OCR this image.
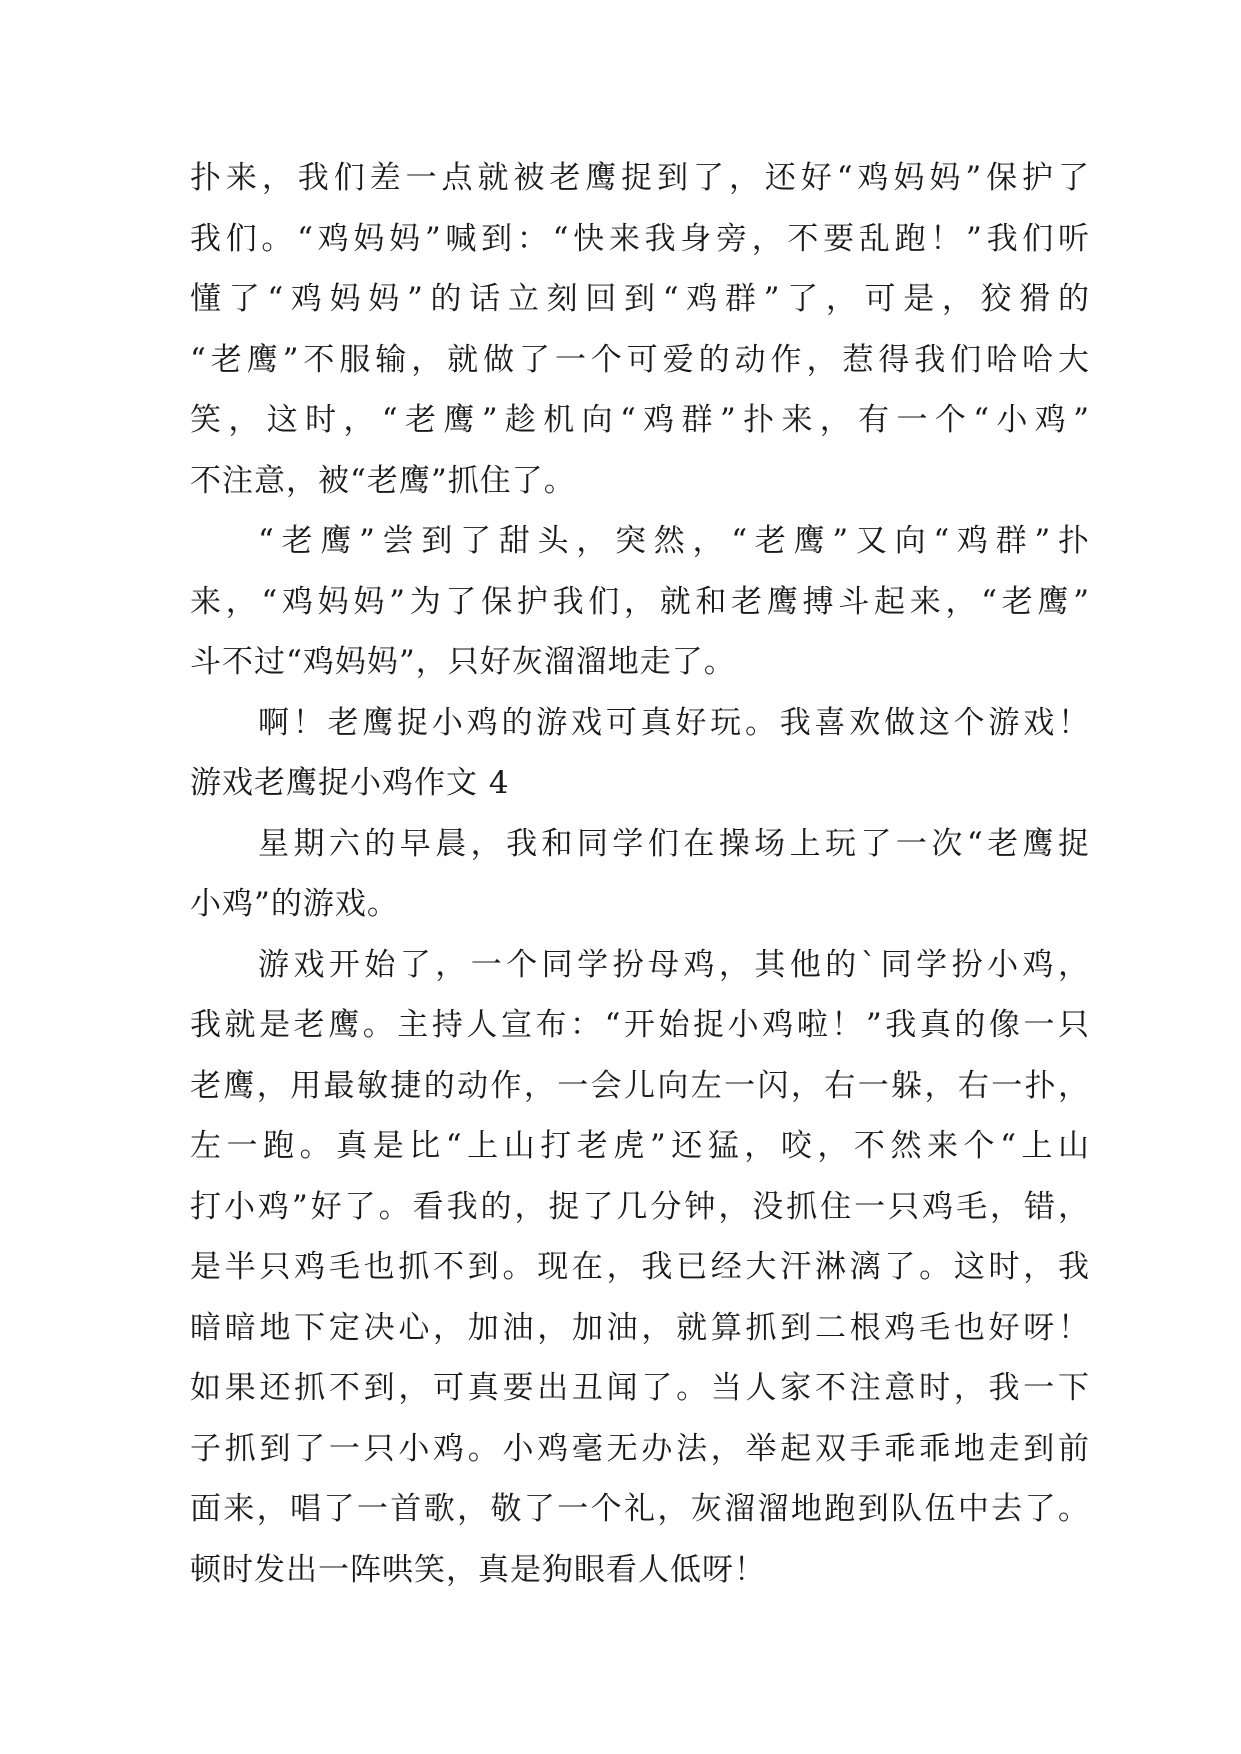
扑来，我们差一点就被老鹰捉到了，还好“鸡妈妈”保护了
我们。“鸡妈妈”喊到：“快来我身旁，不要乱跑！”我们听
懂了“鸡妈妈”的话立刻回到“鸡群”了，可是，狡猾的
“老鹰”不服输，就做了一个可爱的动作，惹得我们哈哈大
笑，这时，“老鹰”趁机向“鸡群”扑来，有一个“小鸡”
不注意，被“老鹰”抓住了。
“老鹰”尝到了甜头，突然，“老鹰”又向“鸡群”扑
来，“鸡妈妈”为了保护我们，就和老鹰搏斗起来，“老鹰”
斗不过“鸡妈妈”，只好灰溜溜地走了。
啊！老鹰捉小鸡的游戏可真好玩。我喜欢做这个游戏！
游戏老鹰捉小鸡作文 4
星期六的早晨，我和同学们在操场上玩了一次“老鹰捉
小鸡”的游戏。
游戏开始了，一个同学扮母鸡，其他的`同学扮小鸡，
我就是老鹰。主持人宣布：“开始捉小鸡啦！”我真的像一只
老鹰，用最敏捷的动作，一会儿向左一闪，右一躲，右一扑，
左一跑。真是比“上山打老虎”还猛，咬，不然来个“上山
打小鸡”好了。看我的，捉了几分钟，没抓住一只鸡毛，错，
是半只鸡毛也抓不到。现在，我已经大汗淋漓了。这时，我
暗暗地下定决心，加油，加油，就算抓到二根鸡毛也好呀！
如果还抓不到，可真要出丑闻了。当人家不注意时，我一下
子抓到了一只小鸡。小鸡毫无办法，举起双手乖乖地走到前
面来，唱了一首歌，敬了一个礼，灰溜溜地跑到队伍中去了。
顿时发出一阵哄笑，真是狗眼看人低呀！
